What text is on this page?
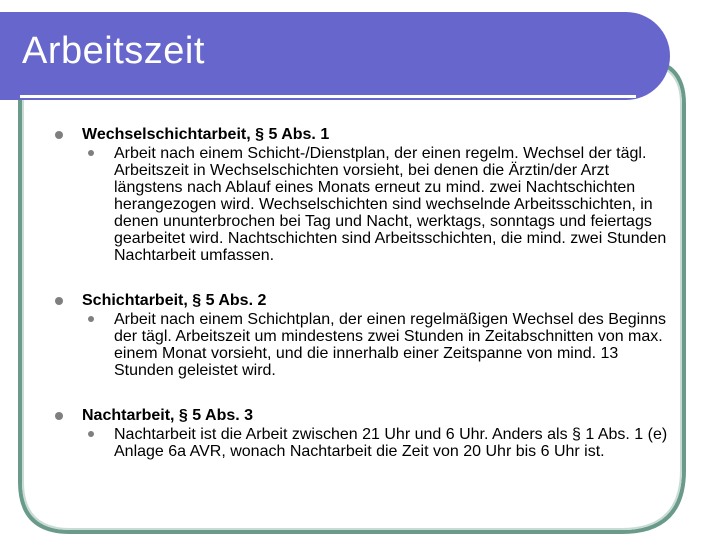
Arbeitszeit
Wechselschichtarbeit, § 5 Abs. 1
Arbeit nach einem Schicht-/Dienstplan, der einen regelm. Wechsel der tägl. Arbeitszeit in Wechselschichten vorsieht, bei denen die Ärztin/der Arzt längstens nach Ablauf eines Monats erneut zu mind. zwei Nachtschichten herangezogen wird. Wechselschichten sind wechselnde Arbeitsschichten, in denen ununterbrochen bei Tag und Nacht, werktags, sonntags und feiertags gearbeitet wird. Nachtschichten sind Arbeitsschichten, die mind. zwei Stunden Nachtarbeit umfassen.
Schichtarbeit, § 5 Abs. 2
Arbeit nach einem Schichtplan, der einen regelmäßigen Wechsel des Beginns der tägl. Arbeitszeit um mindestens zwei Stunden in Zeitabschnitten von max. einem Monat vorsieht, und die innerhalb einer Zeitspanne von mind. 13 Stunden geleistet wird.
Nachtarbeit, § 5 Abs. 3
Nachtarbeit ist die Arbeit zwischen 21 Uhr und 6 Uhr. Anders als § 1 Abs. 1 (e) Anlage 6a AVR, wonach Nachtarbeit die Zeit von 20 Uhr bis 6 Uhr ist.
